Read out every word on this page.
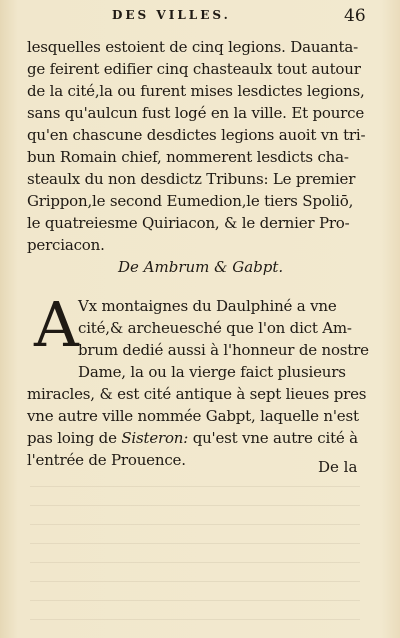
DES VILLES.	46
lesquelles estoient de cinq legions. Dauanta-
ge feirent edifier cinq chasteaulx tout autour
de la cité,la ou furent mises lesdictes legions,
sans qu'aulcun fust logé en la ville. Et pource
qu'en chascune desdictes legions auoit vn tri-
bun Romain chief, nommerent lesdicts cha-
steaulx du non desdictz Tribuns: Le premier
Grippon,le second Eumedion,le tiers Spoliō,
le quatreiesme Quiriacon, & le dernier Pro-
perciacon.
De Ambrum & Gabpt.
A Vx montaignes du Daulphiné a vne
cité,& archeuesché que l'on dict Am-
brum dedié aussi à l'honneur de nostre
Dame, la ou la vierge faict plusieurs
miracles, & est cité antique à sept lieues pres
vne autre ville nommée Gabpt, laquelle n'est
pas loing de Sisteron: qu'est vne autre cité à
l'entrée de Prouence.	De la
